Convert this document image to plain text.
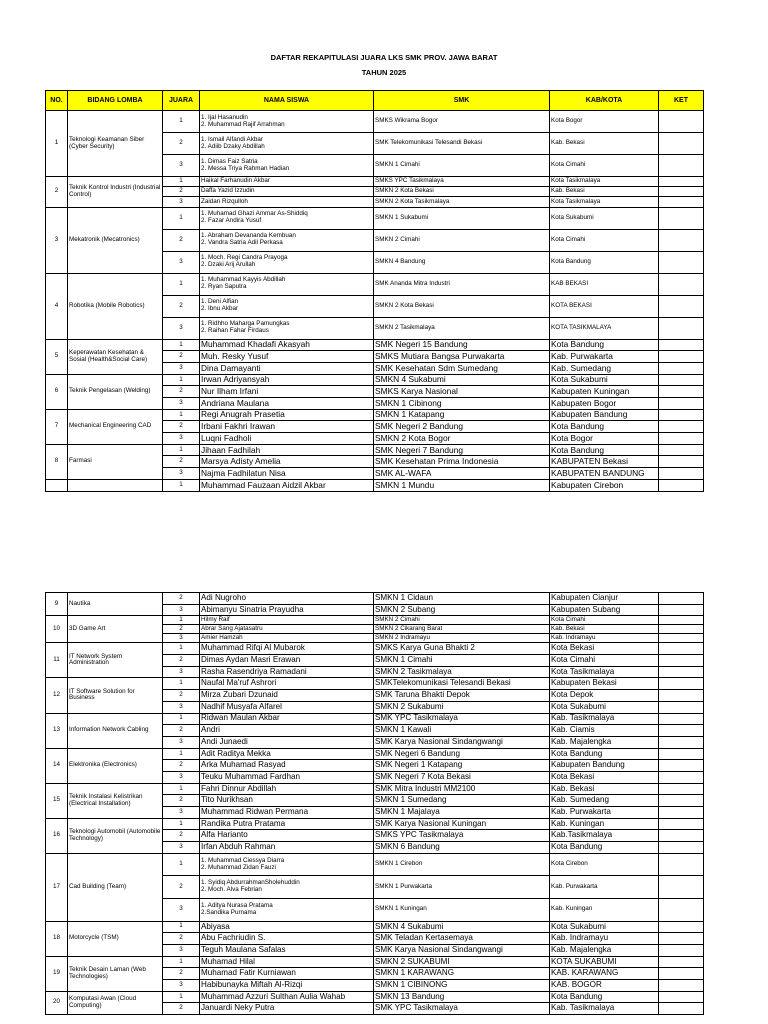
DAFTAR REKAPITULASI JUARA LKS SMK PROV. JAWA BARAT
TAHUN 2025
NO.	BIDANG LOMBA	JUARA	NAMA SISWA	SMK	KAB/KOTA	KET
1	Teknologi Keamanan Siber (Cyber Security)	1	1. Ijal Hasanudin
2. Muhammad Rajif Arrahman	SMKS Wikrama Bogor	Kota Bogor	
		2	1. Ismail Alfandi Akbar
2. Adiib Dzaky Abdillah	SMK Telekomunikasi Telesandi Bekasi	Kab. Bekasi	
		3	1. Dimas Faiz Satria
2. Messa Triya Rahman Hadian	SMKN 1 Cimahi	Kota Cimahi	
2	Teknik Kontrol Industri (Industrial Control)	1	Haikal Farhanudin Akbar	SMKS YPC Tasikmalaya	Kota Tasikmalaya	
		2	Daffa Yazid Izzudin	SMKN 2 Kota Bekasi	Kab. Bekasi	
		3	Zaidan Rizqulloh	SMKN 2 Kota Tasikmalaya	Kota Tasikmalaya	
3	Mekatronik (Mecatronics)	1	1. Muhamad Ghazi Ammar As-Shiddiq
2. Fazar Andira Yusuf	SMKN 1 Sukabumi	Kota Sukabumi	
		2	1. Abraham Devananda Kembuan
2. Vandra Satria Adil Perkasa	SMKN 2 Cimahi	Kota Cimahi	
		3	1. Moch. Regi Candra Prayoga
2. Dzaki Arij Arullah	SMKN 4 Bandung	Kota Bandung	
4	Robotika (Mobile Robotics)	1	1. Muhammad Kayyis Abdillah
2. Ryan Saputra	SMK Ananda Mitra Industri	KAB BEKASI	
		2	1. Deni Alfian
2. Ibnu Akbar	SMKN 2 Kota Bekasi	KOTA BEKASI	
		3	1. Ridhho Maharga Pamungkas
2. Raihan Fahar Firdaus	SMKN 2 Tasikmalaya	KOTA TASIKMALAYA	
5	Keperawatan Kesehatan & Sosial (Health&Social Care)	1	Muhammad Khadafi Akasyah	SMK Negeri 15 Bandung	Kota Bandung	
		2	Muh. Resky Yusuf	SMKS Mutiara Bangsa Purwakarta	Kab. Purwakarta	
		3	Dina Damayanti	SMK Kesehatan Sdm Sumedang	Kab. Sumedang	
6	Teknik Pengelasan (Welding)	1	Irwan Adriyansyah	SMKN 4 Sukabumi	Kota Sukabumi	
		2	Nur Ilham Irfani	SMKS Karya Nasional	Kabupaten Kuningan	
		3	Andriana Maulana	SMKN 1 Cibinong	Kabupaten Bogor	
7	Mechanical Engineering CAD	1	Regi Anugrah Prasetia	SMKN 1 Katapang	Kabupaten Bandung	
		2	Irbani Fakhri Irawan	SMK Negeri 2 Bandung	Kota Bandung	
		3	Luqni Fadholi	SMKN 2 Kota Bogor	Kota Bogor	
8	Farmasi	1	Jihaan Fadhilah	SMK Negeri 7 Bandung	Kota Bandung	
		2	Marsya Adisty Amelia	SMK Kesehatan Prima Indonesia	KABUPATEN Bekasi	
		3	Najma Fadhilatun Nisa	SMK AL-WAFA	KABUPATEN BANDUNG	
		1	Muhammad Fauzaan Aidzil Akbar	SMKN 1 Mundu	Kabupaten Cirebon	
9	Nautika	2	Adi Nugroho	SMKN 1 Cidaun	Kabupaten Cianjur	
		3	Abimanyu Sinatria Prayudha	SMKN 2 Subang	Kabupaten Subang	
10	3D Game Art	1	Hilmy Raif	SMKN 2 Cimahi	Kota Cimahi	
		2	Abrar Sang Ajatasatru	SMKN 2 Cikarang Barat	Kab. Bekasi	
		3	Amier Hamzah	SMKN 2 Indramayu	Kab. Indramayu	
11	IT Network System Administration	1	Muhammad Rifqi Al Mubarok	SMKS Karya Guna Bhakti 2	Kota Bekasi	
		2	Dimas Aydan Masri Erawan	SMKN 1 Cimahi	Kota Cimahi	
		3	Rasha Rasendriya Ramadani	SMKN 2 Tasikmalaya	Kota Tasikmalaya	
12	IT Software Solution for Business	1	Naufal Ma'ruf Ashrori	SMKTelekomunikasi Telesandi Bekasi	Kabupaten Bekasi	
		2	Mirza Zubari Dzunaid	SMK Taruna Bhakti Depok	Kota Depok	
		3	Nadhif Musyafa Alfarel	SMKN 2 Sukabumi	Kota Sukabumi	
13	Information Network Cabling	1	Ridwan Maulan Akbar	SMK YPC Tasikmalaya	Kab. Tasikmalaya	
		2	Andri	SMKN 1 Kawali	Kab. Ciamis	
		3	Andi Junaedi	SMK Karya Nasional Sindangwangi	Kab. Majalengka	
14	Elektronika (Electronics)	1	Adit Raditya Mekka	SMK Negeri 6 Bandung	Kota Bandung	
		2	Arka Muhamad Rasyad	SMK Negeri 1 Katapang	Kabupaten Bandung	
		3	Teuku Muhammad Fardhan	SMK Negeri 7 Kota Bekasi	Kota Bekasi	
15	Teknik Instalasi Kelistrikan (Electrical Installation)	1	Fahri Dinnur Abdillah	SMK Mitra Industri MM2100	Kab. Bekasi	
		2	Tito Nurikhsan	SMKN 1 Sumedang	Kab. Sumedang	
		3	Muhammad Ridwan Permana	SMKN 1 Majalaya	Kab. Purwakarta	
16	Teknologi Automobil (Automobile Technology)	1	Randika Putra Pratama	SMK Karya Nasional Kuningan	Kab. Kuningan	
		2	Alfa Harianto	SMKS YPC Tasikmalaya	Kab.Tasikmalaya	
		3	Irfan Abduh Rahman	SMKN 6 Bandung	Kota Bandung	
17	Cad Building (Team)	1	1. Muhammad Ciessya Diarra
2. Muhammad Zidan Fauzi	SMKN 1 Cirebon	Kota Cirebon	
		2	1. Syidiq AbdurrahmanSholehuddin
2. Moch. Alva Febrian	SMKN 1 Purwakarta	Kab. Purwakarta	
		3	1. Aditya Nurasa Pratama
2.Sandika Purnama	SMKN 1 Kuningan	Kab. Kuningan	
18	Motorcycle (TSM)	1	Abiyasa	SMKN 4 Sukabumi	Kota Sukabumi	
		2	Abu Fachriudin S.	SMK Teladan Kertasemaya	Kab. Indramayu	
		3	Teguh Maulana Safalas	SMK Karya Nasional Sindangwangi	Kab. Majalengka	
19	Teknik Desain Laman (Web Technologies)	1	Muhamad Hilal	SMKN 2 SUKABUMI	KOTA SUKABUMI	
		2	Muhamad Fatir Kurniawan	SMKN 1 KARAWANG	KAB. KARAWANG	
		3	Habibunayka Miftah Al-Rizqi	SMKN 1 CIBINONG	KAB. BOGOR	
20	Komputasi Awan (Cloud Computing)	1	Muhammad Azzuri Sulthan Aulia Wahab	SMKN 13 Bandung	Kota Bandung	
		2	Januardi Neky Putra	SMK YPC Tasikmalaya	Kab. Tasikmalaya	
